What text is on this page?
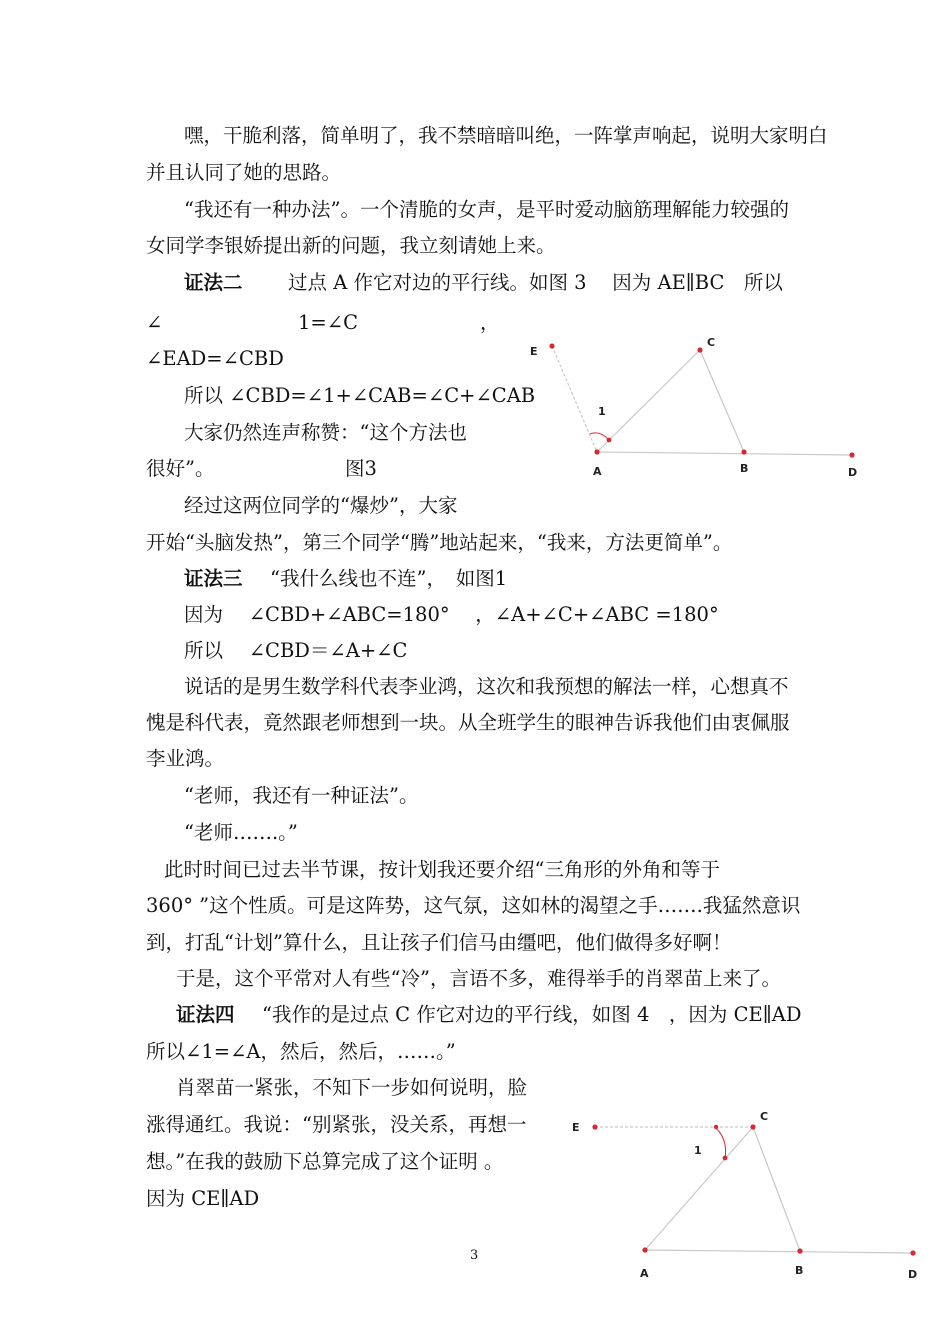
嘿，干脆利落，简单明了，我不禁暗暗叫绝，一阵掌声响起，说明大家明白
并且认同了她的思路。
“我还有一种办法”。一个清脆的女声，是平时爱动脑筋理解能力较强的
女同学李银娇提出新的问题，我立刻请她上来。
证法二 过点 A 作它对边的平行线。如图 3　 因为 AE∥BC　所以
∠	1=∠C	，
∠EAD=∠CBD
所以 ∠CBD=∠1+∠CAB=∠C+∠CAB
大家仍然连声称赞：“这个方法也
很好”。	图3
经过这两位同学的“爆炒”，大家
开始“头脑发热”，第三个同学“腾”地站起来，“我来，方法更简单”。
证法三 “我什么线也不连”，　如图1
因为　 ∠CBD+∠ABC=180°　 ，∠A+∠C+∠ABC =180°
所以　 ∠CBD＝∠A+∠C
说话的是男生数学科代表李业鸿，这次和我预想的解法一样，心想真不
愧是科代表，竟然跟老师想到一块。从全班学生的眼神告诉我他们由衷佩服
李业鸿。
“老师，我还有一种证法”。
“老师…….。”
此时时间已过去半节课，按计划我还要介绍“三角形的外角和等于
360° ”这个性质。可是这阵势，这气氛，这如林的渴望之手…….我猛然意识
到，打乱“计划”算什么，且让孩子们信马由缰吧，他们做得多好啊！
于是，这个平常对人有些“冷”，言语不多，难得举手的肖翠苗上来了。
证法四 “我作的是过点 C 作它对边的平行线，如图 4　，因为 CE∥AD
所以∠1=∠A，然后，然后，……。”
肖翠苗一紧张，不知下一步如何说明，脸
涨得通红。我说：“别紧张，没关系，再想一
想。”在我的鼓励下总算完成了这个证明 。
因为 CE∥AD
E
C
1
A	B	D
E
C
1
A	B	D
3
